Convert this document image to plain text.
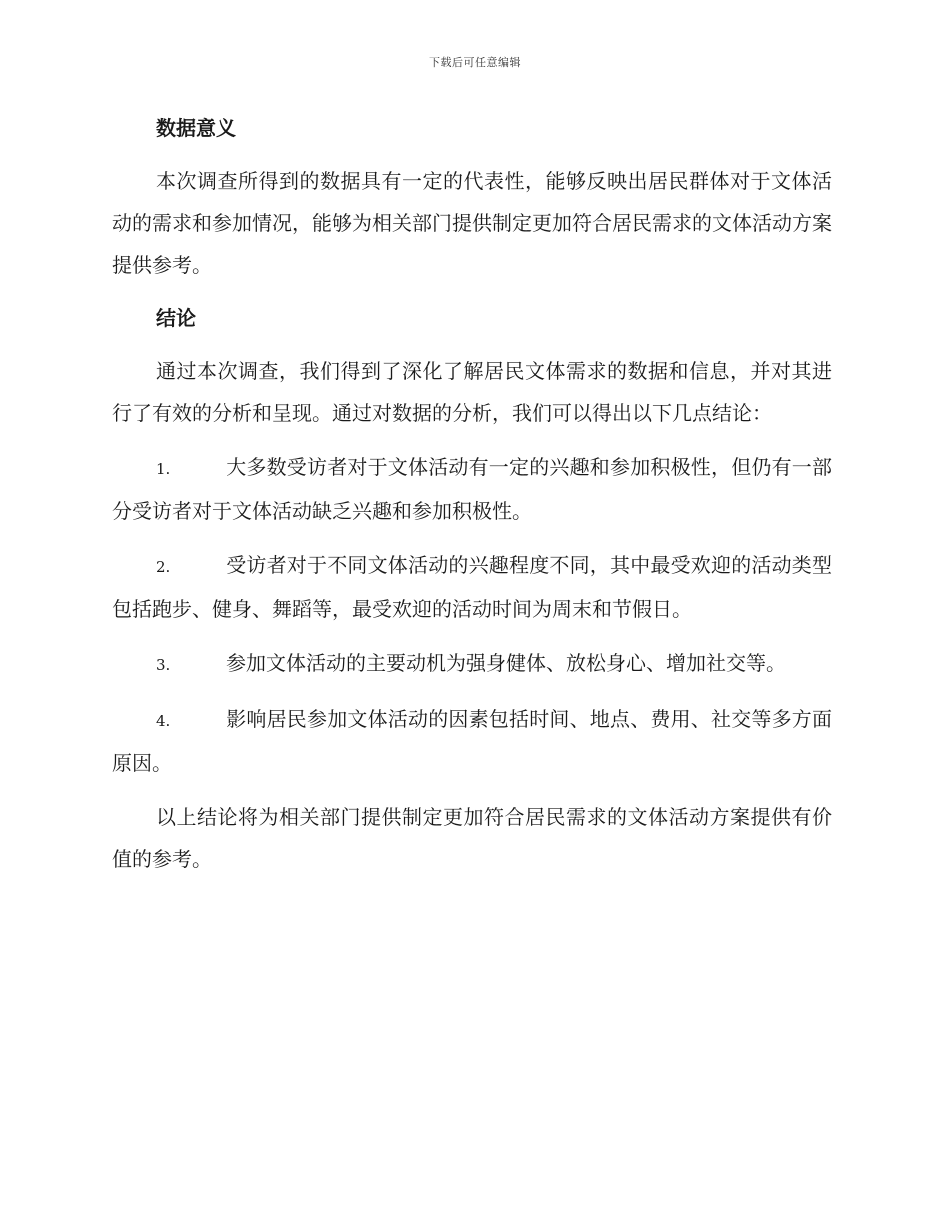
下载后可任意编辑
数据意义

本次调查所得到的数据具有一定的代表性，能够反映出居民群体对于文体活动的需求和参加情况，能够为相关部门提供制定更加符合居民需求的文体活动方案提供参考。

结论

通过本次调查，我们得到了深化了解居民文体需求的数据和信息，并对其进行了有效的分析和呈现。通过对数据的分析，我们可以得出以下几点结论：

1.	大多数受访者对于文体活动有一定的兴趣和参加积极性，但仍有一部分受访者对于文体活动缺乏兴趣和参加积极性。

2.	受访者对于不同文体活动的兴趣程度不同，其中最受欢迎的活动类型包括跑步、健身、舞蹈等，最受欢迎的活动时间为周末和节假日。

3.	参加文体活动的主要动机为强身健体、放松身心、增加社交等。

4.	影响居民参加文体活动的因素包括时间、地点、费用、社交等多方面原因。

以上结论将为相关部门提供制定更加符合居民需求的文体活动方案提供有价值的参考。
